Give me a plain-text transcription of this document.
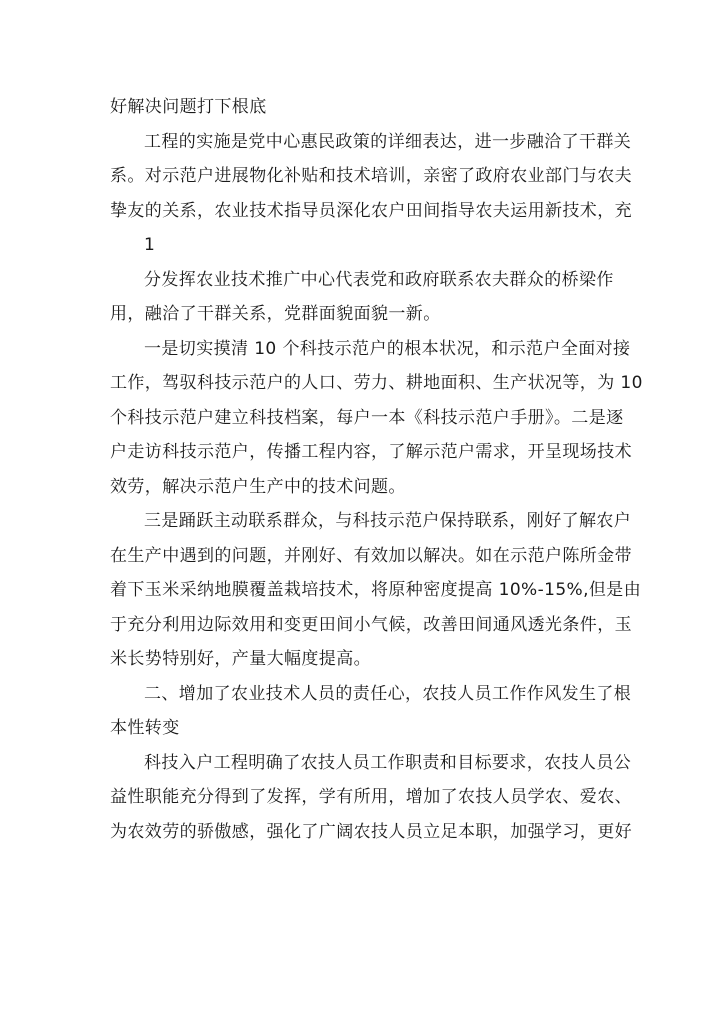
好解决问题打下根底
工程的实施是党中心惠民政策的详细表达，进一步融洽了干群关
系。对示范户进展物化补贴和技术培训，亲密了政府农业部门与农夫
挚友的关系，农业技术指导员深化农户田间指导农夫运用新技术，充
1
分发挥农业技术推广中心代表党和政府联系农夫群众的桥梁作
用，融洽了干群关系，党群面貌面貌一新。
一是切实摸清 10 个科技示范户的根本状况，和示范户全面对接
工作，驾驭科技示范户的人口、劳力、耕地面积、生产状况等，为 10
个科技示范户建立科技档案，每户一本《科技示范户手册》。二是逐
户走访科技示范户，传播工程内容，了解示范户需求，开呈现场技术
效劳，解决示范户生产中的技术问题。
三是踊跃主动联系群众，与科技示范户保持联系，刚好了解农户
在生产中遇到的问题，并刚好、有效加以解决。如在示范户陈所金带
着下玉米采纳地膜覆盖栽培技术，将原种密度提高 10%-15%,但是由
于充分利用边际效用和变更田间小气候，改善田间通风透光条件，玉
米长势特别好，产量大幅度提高。
二、增加了农业技术人员的责任心，农技人员工作作风发生了根
本性转变
科技入户工程明确了农技人员工作职责和目标要求，农技人员公
益性职能充分得到了发挥，学有所用，增加了农技人员学农、爱农、
为农效劳的骄傲感，强化了广阔农技人员立足本职，加强学习，更好
